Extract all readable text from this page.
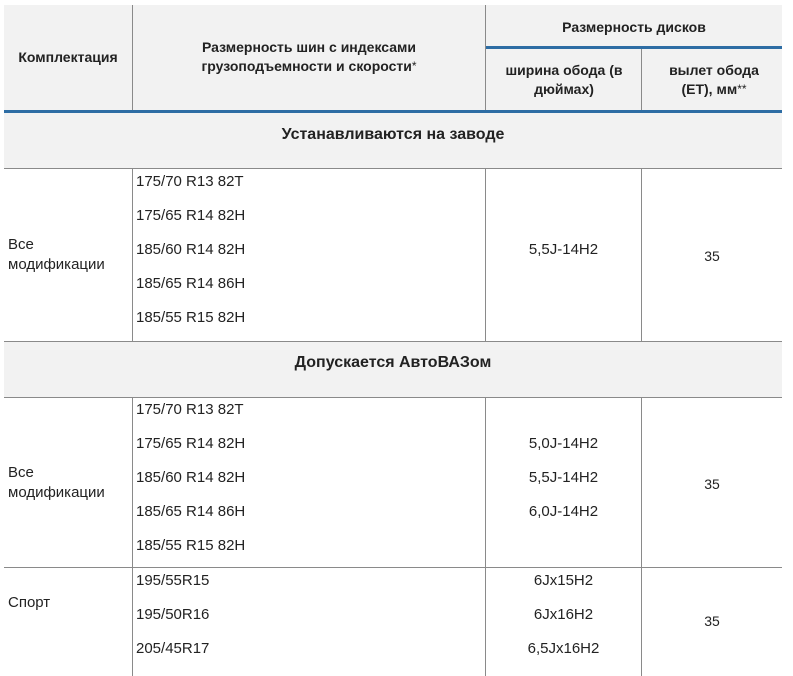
Комплектация
Размерность шин с индексами грузоподъемности и скорости*
Размерность дисков
ширина обода (в дюймах)
вылет обода (ET), мм**
Устанавливаются на заводе
Все модификации
175/70 R13 82T
175/65 R14 82H
185/60 R14 82H
185/65 R14 86H
185/55 R15 82H
5,5J-14H2	35
Допускается АвтоВАЗом
Все модификации
175/70 R13 82T
175/65 R14 82H
185/60 R14 82H
185/65 R14 86H
185/55 R15 82H
5,0J-14H2
5,5J-14H2
6,0J-14H2
35
Спорт
195/55R15
195/50R16
205/45R17
6Jx15H2
6Jx16H2
6,5Jx16H2
35
